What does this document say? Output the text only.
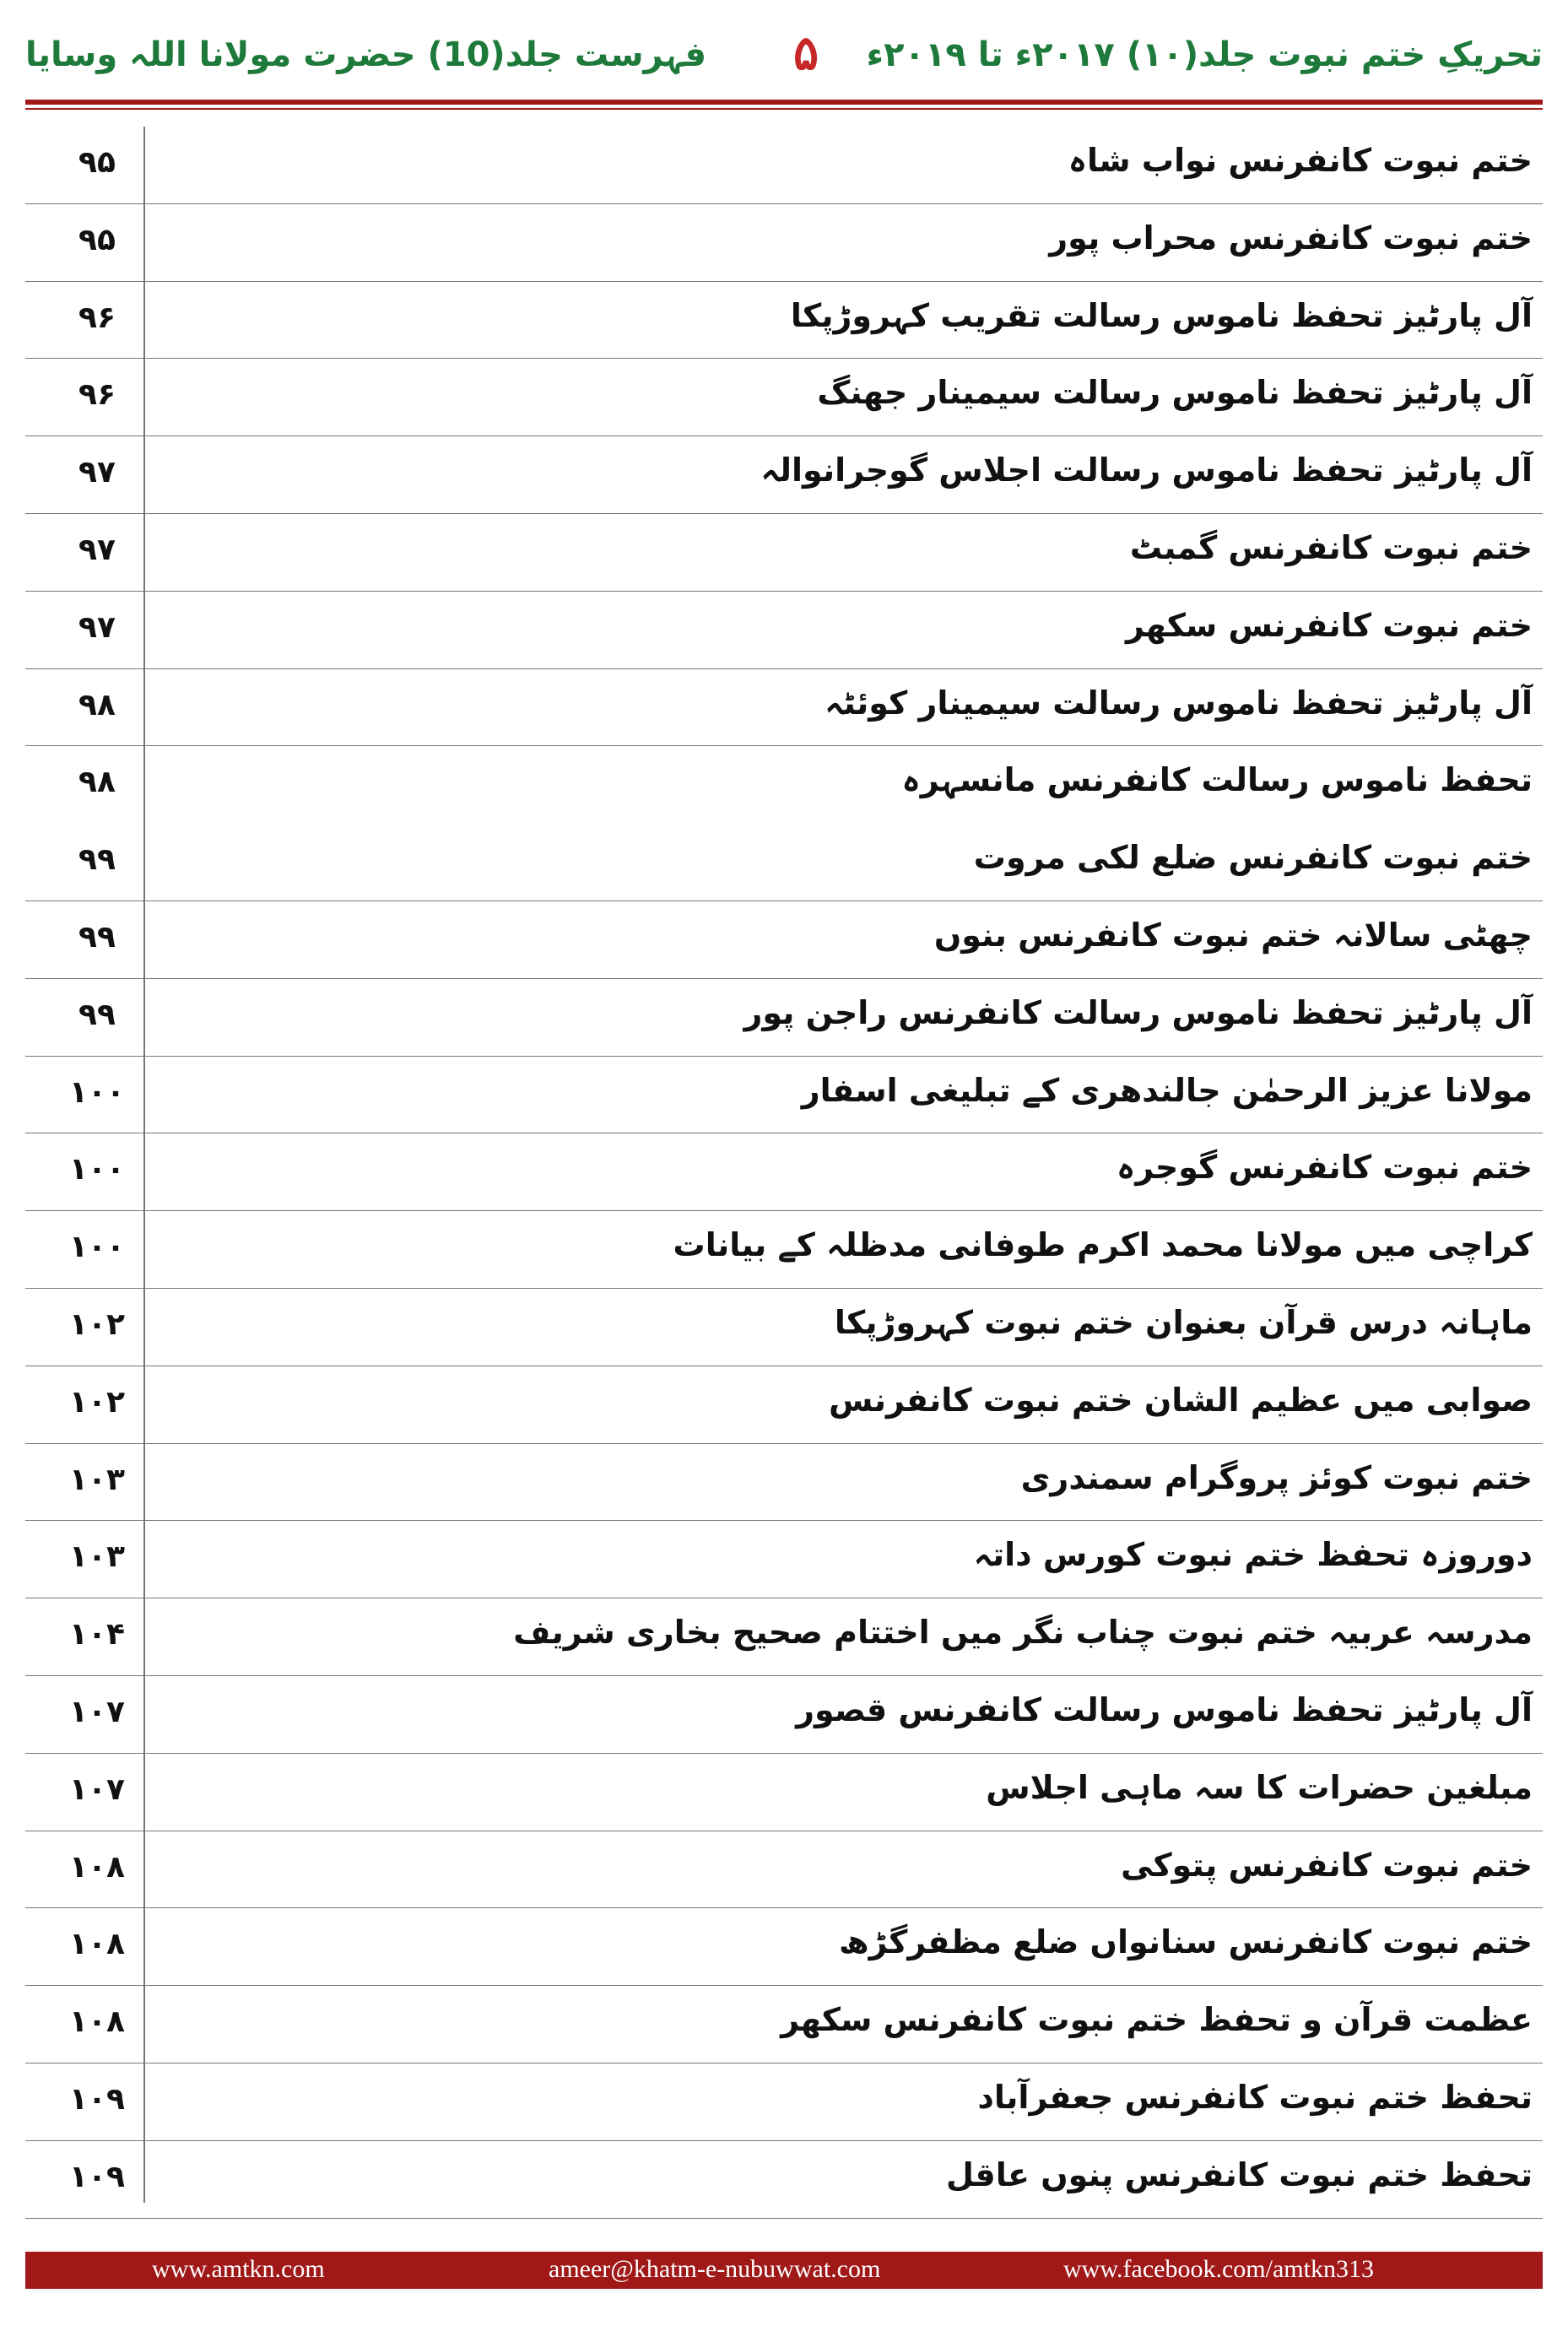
فہرست جلد(10) حضرت مولانا اللہ وسایا ۵ تحریکِ ختم نبوت جلد(۱۰) ۲۰۱۷ء تا ۲۰۱۹ء
۹۵	ختم نبوت کانفرنس نواب شاہ
۹۵	ختم نبوت کانفرنس محراب پور
۹۶	آل پارٹیز تحفظ ناموس رسالت تقریب کہروڑپکا
۹۶	آل پارٹیز تحفظ ناموس رسالت سیمینار جھنگ
۹۷	آل پارٹیز تحفظ ناموس رسالت اجلاس گوجرانوالہ
۹۷	ختم نبوت کانفرنس گمبٹ
۹۷	ختم نبوت کانفرنس سکھر
۹۸	آل پارٹیز تحفظ ناموس رسالت سیمینار کوئٹہ
۹۸	تحفظ ناموس رسالت کانفرنس مانسہرہ
۹۹	ختم نبوت کانفرنس ضلع لکی مروت
۹۹	چھٹی سالانہ ختم نبوت کانفرنس بنوں
۹۹	آل پارٹیز تحفظ ناموس رسالت کانفرنس راجن پور
۱۰۰	مولانا عزیز الرحمٰن جالندھری کے تبلیغی اسفار
۱۰۰	ختم نبوت کانفرنس گوجرہ
۱۰۰	کراچی میں مولانا محمد اکرم طوفانی مدظلہ کے بیانات
۱۰۲	ماہانہ درس قرآن بعنوان ختم نبوت کہروڑپکا
۱۰۲	صوابی میں عظیم الشان ختم نبوت کانفرنس
۱۰۳	ختم نبوت کوئز پروگرام سمندری
۱۰۳	دوروزہ تحفظ ختم نبوت کورس داتہ
۱۰۴	مدرسہ عربیہ ختم نبوت چناب نگر میں اختتام صحیح بخاری شریف
۱۰۷	آل پارٹیز تحفظ ناموس رسالت کانفرنس قصور
۱۰۷	مبلغین حضرات کا سہ ماہی اجلاس
۱۰۸	ختم نبوت کانفرنس پتوکی
۱۰۸	ختم نبوت کانفرنس سنانواں ضلع مظفرگڑھ
۱۰۸	عظمت قرآن و تحفظ ختم نبوت کانفرنس سکھر
۱۰۹	تحفظ ختم نبوت کانفرنس جعفرآباد
۱۰۹	تحفظ ختم نبوت کانفرنس پنوں عاقل
www.amtkn.com	ameer@khatm-e-nubuwwat.com	www.facebook.com/amtkn313
